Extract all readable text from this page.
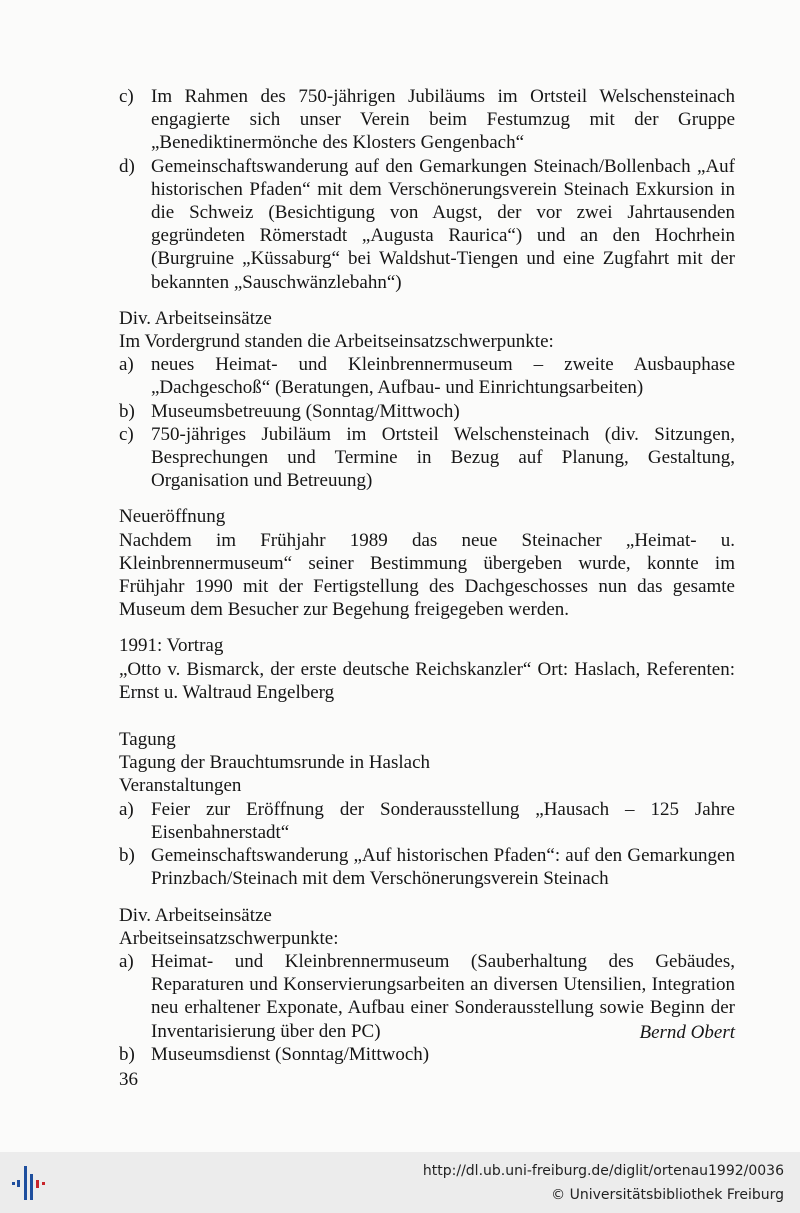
c) Im Rahmen des 750-jährigen Jubiläums im Ortsteil Welschensteinach engagierte sich unser Verein beim Festumzug mit der Gruppe „Benediktinermönche des Klosters Gengenbach“
d) Gemeinschaftswanderung auf den Gemarkungen Steinach/Bollenbach „Auf historischen Pfaden“ mit dem Verschönerungsverein Steinach Exkursion in die Schweiz (Besichtigung von Augst, der vor zwei Jahrtausenden gegründeten Römerstadt „Augusta Raurica“) und an den Hochrhein (Burgruine „Küssaburg“ bei Waldshut-Tiengen und eine Zugfahrt mit der bekannten „Sauschwänzlebahn“)
Div. Arbeitseinsätze
Im Vordergrund standen die Arbeitseinsatzschwerpunkte:
a) neues Heimat- und Kleinbrennermuseum – zweite Ausbauphase „Dachgeschoß“ (Beratungen, Aufbau- und Einrichtungsarbeiten)
b) Museumsbetreuung (Sonntag/Mittwoch)
c) 750-jähriges Jubiläum im Ortsteil Welschensteinach (div. Sitzungen, Besprechungen und Termine in Bezug auf Planung, Gestaltung, Organisation und Betreuung)
Neueröffnung
Nachdem im Frühjahr 1989 das neue Steinacher „Heimat- u. Kleinbrennermuseum“ seiner Bestimmung übergeben wurde, konnte im Frühjahr 1990 mit der Fertigstellung des Dachgeschosses nun das gesamte Museum dem Besucher zur Begehung freigegeben werden.
1991: Vortrag
„Otto v. Bismarck, der erste deutsche Reichskanzler“ Ort: Haslach, Referenten: Ernst u. Waltraud Engelberg
Tagung
Tagung der Brauchtumsrunde in Haslach
Veranstaltungen
a) Feier zur Eröffnung der Sonderausstellung „Hausach – 125 Jahre Eisenbahnerstadt“
b) Gemeinschaftswanderung „Auf historischen Pfaden“: auf den Gemarkungen Prinzbach/Steinach mit dem Verschönerungsverein Steinach
Div. Arbeitseinsätze
Arbeitseinsatzschwerpunkte:
a) Heimat- und Kleinbrennermuseum (Sauberhaltung des Gebäudes, Reparaturen und Konservierungsarbeiten an diversen Utensilien, Integration neu erhaltener Exponate, Aufbau einer Sonderausstellung sowie Beginn der Inventarisierung über den PC)
b) Museumsdienst (Sonntag/Mittwoch)
Bernd Obert
36
http://dl.ub.uni-freiburg.de/diglit/ortenau1992/0036
© Universitätsbibliothek Freiburg
